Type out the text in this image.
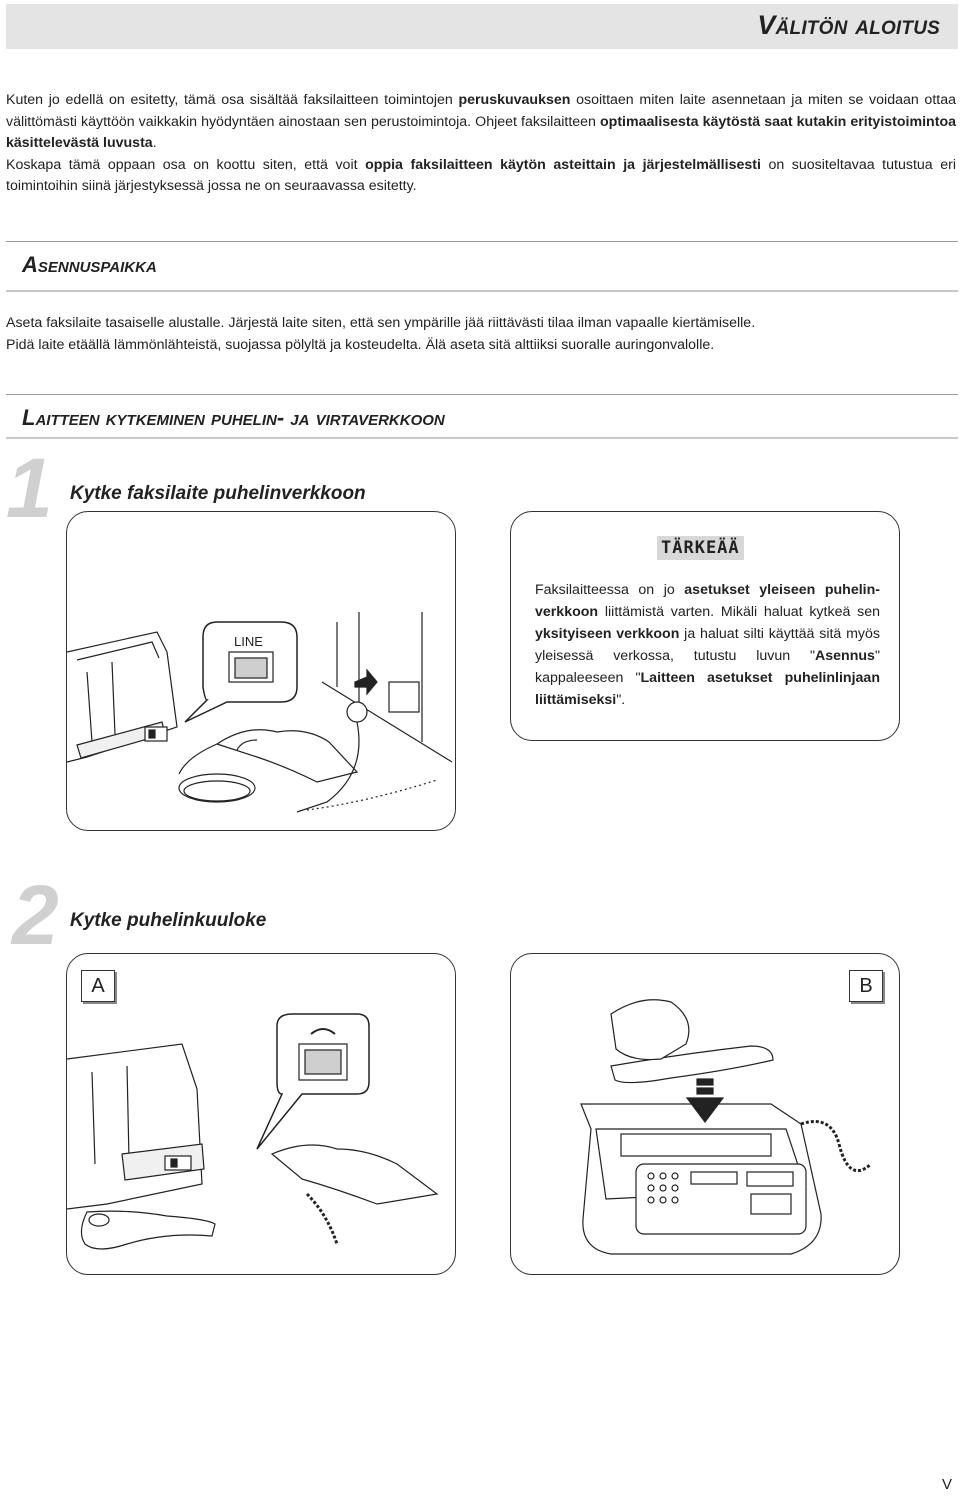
Välitön aloitus

Kuten jo edellä on esitetty, tämä osa sisältää faksilaitteen toimintojen peruskuvauksen osoittaen miten laite asennetaan ja miten se voidaan ottaa välittömästi käyttöön vaikkakin hyödyntäen ainostaan sen perustoimintoja. Ohjeet faksilaitteen optimaalisesta käytöstä saat kutakin erityistoimintoa käsittelevästä luvusta.

Koskapa tämä oppaan osa on koottu siten, että voit oppia faksilaitteen käytön asteittain ja järjestelmällisesti on suositeltavaa tutustua eri toimintoihin siinä järjestyksessä jossa ne on seuraavassa esitetty.

Asennuspaikka

Aseta faksilaite tasaiselle alustalle. Järjestä laite siten, että sen ympärille jää riittävästi tilaa ilman vapaalle kiertämiselle.

Pidä laite etäällä lämmönlähteistä, suojassa pölyltä ja kosteudelta. Älä aseta sitä alttiiksi suoralle auringonvalolle.

Laitteen kytkeminen puhelin- ja virtaverkkoon
1 Kytke faksilaite puhelinverkkoon
LINE
TÄRKEÄÄ

Faksilaitteessa on jo asetukset yleiseen puhelin-verkkoon liittämistä varten. Mikäli haluat kytkeä sen yksityiseen verkkoon ja haluat silti käyttää sitä myös yleisessä verkossa, tutustu luvun "Asennus" kappaleeseen "Laitteen asetukset puhelinlinjaan liittämiseksi".

2 Kytke puhelinkuuloke
A	B
V
